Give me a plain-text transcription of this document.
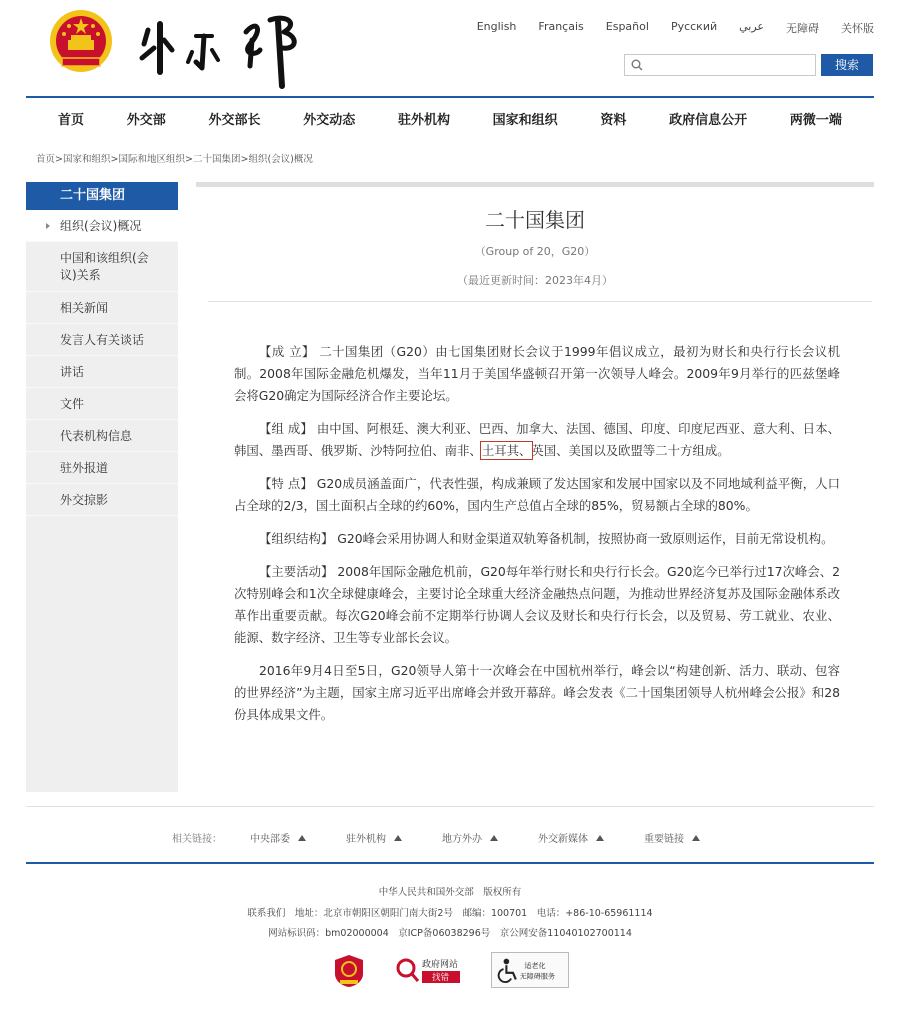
English Français Español Русский عربي 无障碍 关怀版
搜索
首页	外交部	外交部长	外交动态	驻外机构	国家和组织	资料	政府信息公开	两微一端
首页>国家和组织>国际和地区组织>二十国集团>组织(会议)概况
二十国集团
组织(会议)概况
中国和该组织(会议)关系
相关新闻
发言人有关谈话
讲话
文件
代表机构信息
驻外报道
外交掠影
二十国集团
（Group of 20，G20）
（最近更新时间：2023年4月）

【成 立】 二十国集团（G20）由七国集团财长会议于1999年倡议成立，最初为财长和央行行长会议机制。2008年国际金融危机爆发，当年11月于美国华盛顿召开第一次领导人峰会。2009年9月举行的匹兹堡峰会将G20确定为国际经济合作主要论坛。

【组 成】 由中国、阿根廷、澳大利亚、巴西、加拿大、法国、德国、印度、印度尼西亚、意大利、日本、韩国、墨西哥、俄罗斯、沙特阿拉伯、南非、土耳其、英国、美国以及欧盟等二十方组成。

【特 点】 G20成员涵盖面广，代表性强，构成兼顾了发达国家和发展中国家以及不同地域利益平衡，人口占全球的2/3，国土面积占全球的约60%，国内生产总值占全球的85%，贸易额占全球的80%。

【组织结构】 G20峰会采用协调人和财金渠道双轨筹备机制，按照协商一致原则运作，目前无常设机构。

【主要活动】 2008年国际金融危机前，G20每年举行财长和央行行长会。G20迄今已举行过17次峰会、2次特别峰会和1次全球健康峰会，主要讨论全球重大经济金融热点问题，为推动世界经济复苏及国际金融体系改革作出重要贡献。每次G20峰会前不定期举行协调人会议及财长和央行行长会，以及贸易、劳工就业、农业、能源、数字经济、卫生等专业部长会议。

2016年9月4日至5日，G20领导人第十一次峰会在中国杭州举行，峰会以“构建创新、活力、联动、包容的世界经济”为主题，国家主席习近平出席峰会并致开幕辞。峰会发表《二十国集团领导人杭州峰会公报》和28份具体成果文件。

相关链接：	中央部委	驻外机构	地方外办	外交新媒体	重要链接
中华人民共和国外交部　版权所有
联系我们　地址：北京市朝阳区朝阳门南大街2号　邮编：100701　电话：+86-10-65961114
网站标识码：bm02000004　京ICP备06038296号　京公网安备11040102700114
政府网站
找错
适老化
无障碍服务
